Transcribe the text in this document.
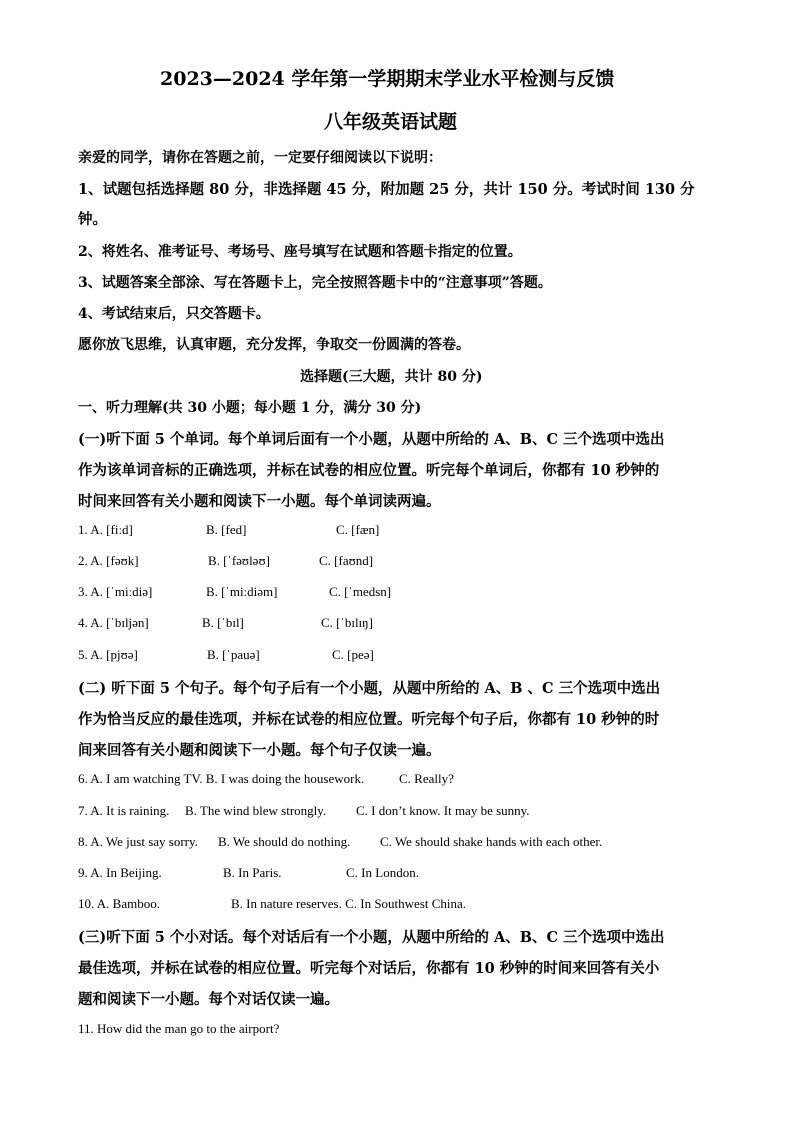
2023—2024 学年第一学期期末学业水平检测与反馈
八年级英语试题
亲爱的同学，请你在答题之前，一定要仔细阅读以下说明：
1、试题包括选择题 80 分，非选择题 45 分，附加题 25 分，共计 150 分。考试时间 130 分
钟。
2、将姓名、准考证号、考场号、座号填写在试题和答题卡指定的位置。
3、试题答案全部涂、写在答题卡上，完全按照答题卡中的“注意事项”答题。
4、考试结束后，只交答题卡。
愿你放飞思维，认真审题，充分发挥，争取交一份圆满的答卷。
选择题(三大题，共计 80 分)
一、听力理解(共 30 小题；每小题 1 分，满分 30 分)
(一)听下面 5 个单词。每个单词后面有一个小题，从题中所给的 A、B、C 三个选项中选出
作为该单词音标的正确选项，并标在试卷的相应位置。听完每个单词后，你都有 10 秒钟的
时间来回答有关小题和阅读下一小题。每个单词读两遍。
1. A. [fiːd]	B. [fed]	C. [fæn]
2. A. [fəʊk]	B. [ˈfəʊləʊ]	C. [faʊnd]
3. A. [ˈmiːdiə]	B. [ˈmiːdiəm]	C. [ˈmedsn]
4. A. [ˈbɪljən]	B. [ˈbɪl]	C. [ˈbɪlɪŋ]
5. A. [pjʊə]	B. [ˈpauə]	C. [peə]
(二) 听下面 5 个句子。每个句子后有一个小题，从题中所给的 A、B 、C 三个选项中选出
作为恰当反应的最佳选项，并标在试卷的相应位置。听完每个句子后，你都有 10 秒钟的时
间来回答有关小题和阅读下一小题。每个句子仅读一遍。
6. A. I am watching TV. B. I was doing the housework.	C. Really?
7. A. It is raining. B. The wind blew strongly. C. I don’t know. It may be sunny.
8. A. We just say sorry. B. We should do nothing. C. We should shake hands with each other.
9. A. In Beijing.	B. In Paris.	C. In London.
10. A. Bamboo.	B. In nature reserves. C. In Southwest China.
(三)听下面 5 个小对话。每个对话后有一个小题，从题中所给的 A、B、C 三个选项中选出
最佳选项，并标在试卷的相应位置。听完每个对话后，你都有 10 秒钟的时间来回答有关小
题和阅读下一小题。每个对话仅读一遍。
11. How did the man go to the airport?
